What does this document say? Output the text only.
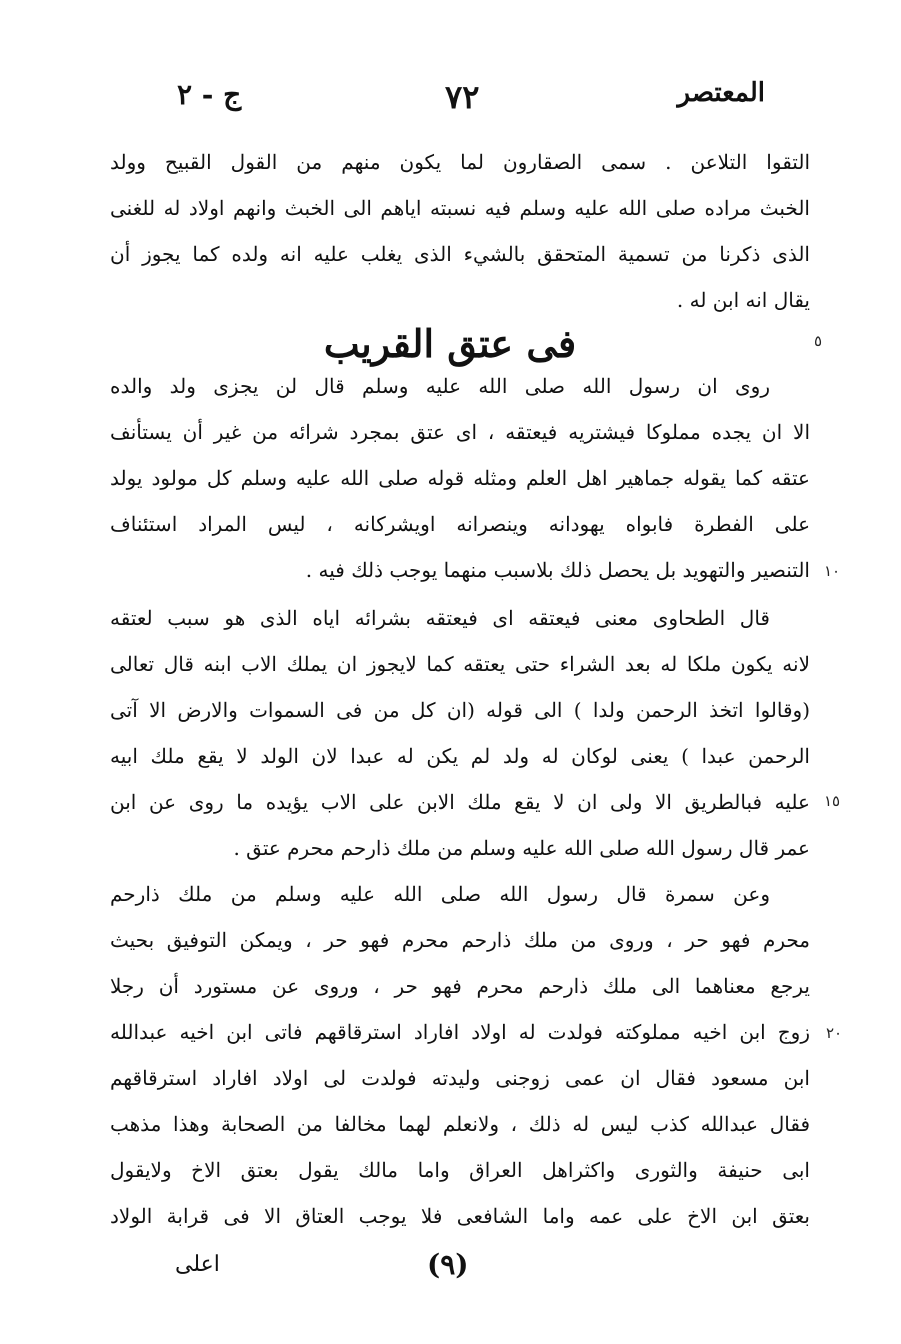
المعتصر
٧٢
ج - ٢
التقوا التلاعن . سمى الصقارون لما يكون منهم من القول القبيح وولد
الخبث مراده صلى الله عليه وسلم فيه نسبته اياهم الى الخبث وانهم اولاد له للغنى
الذى ذكرنا من تسمية المتحقق بالشيء الذى يغلب عليه انه ولده كما يجوز أن
يقال انه ابن له .
فى عتق القريب
روى ان رسول الله صلى الله عليه وسلم قال لن يجزى ولد والده
الا ان يجده مملوكا فيشتريه فيعتقه ، اى عتق بمجرد شرائه من غير أن يستأنف
عتقه كما يقوله جماهير اهل العلم ومثله قوله صلى الله عليه وسلم كل مولود يولد
على الفطرة فابواه يهودانه وينصرانه اويشركانه ، ليس المراد استئناف
التنصير والتهويد بل يحصل ذلك بلاسبب منهما يوجب ذلك فيه .
قال الطحاوى معنى فيعتقه اى فيعتقه بشرائه اياه الذى هو سبب لعتقه
لانه يكون ملكا له بعد الشراء حتى يعتقه كما لايجوز ان يملك الاب ابنه قال تعالى
(وقالوا اتخذ الرحمن ولدا ) الى قوله (ان كل من فى السموات والارض الا آتى
الرحمن عبدا ) يعنى لوكان له ولد لم يكن له عبدا لان الولد لا يقع ملك ابيه
عليه فبالطريق الا ولى ان لا يقع ملك الابن على الاب يؤيده ما روى عن ابن
عمر قال رسول الله صلى الله عليه وسلم من ملك ذارحم محرم عتق .
وعن سمرة قال رسول الله صلى الله عليه وسلم من ملك ذارحم
محرم فهو حر ، وروى من ملك ذارحم محرم فهو حر ، ويمكن التوفيق بحيث
يرجع معناهما الى ملك ذارحم محرم فهو حر ، وروى عن مستورد أن رجلا
زوج ابن اخيه مملوكته فولدت له اولاد افاراد استرقاقهم فاتى ابن اخيه عبدالله
ابن مسعود فقال ان عمى زوجنى وليدته فولدت لى اولاد افاراد استرقاقهم
فقال عبدالله كذب ليس له ذلك ، ولانعلم لهما مخالفا من الصحابة وهذا مذهب
ابى حنيفة والثورى واكثراهل العراق واما مالك يقول بعتق الاخ ولايقول
بعتق ابن الاخ على عمه واما الشافعى فلا يوجب العتاق الا فى قرابة الولاد
٥
١٠
١٥
٢٠
اعلى	(٩)
